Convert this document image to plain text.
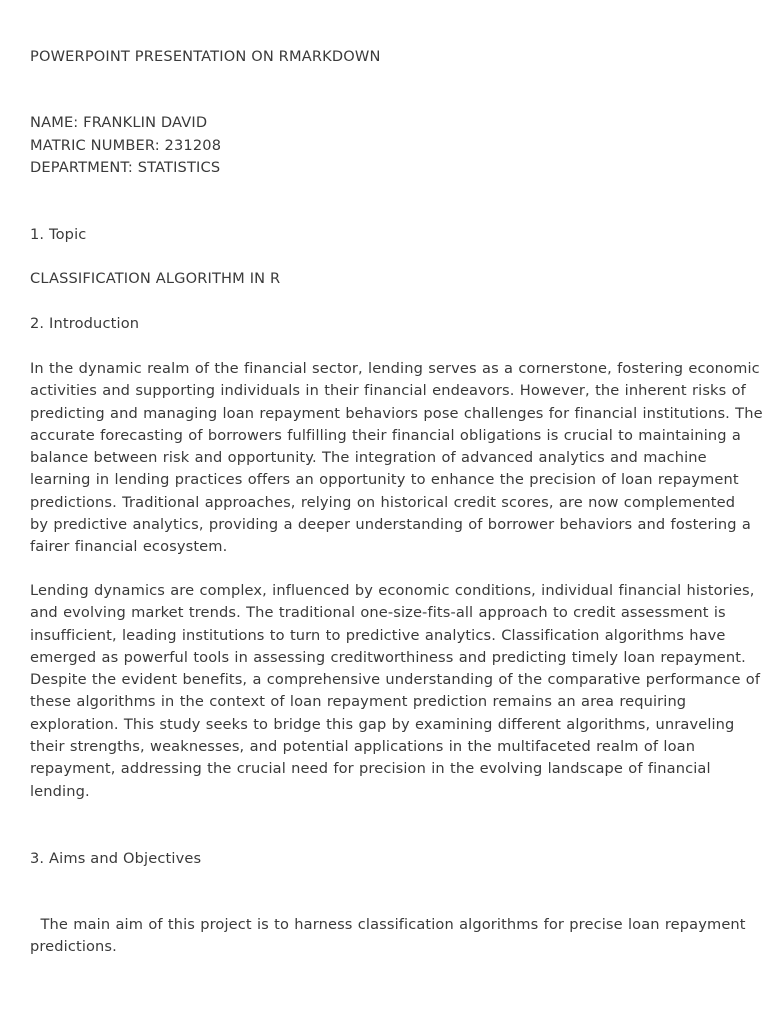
POWERPOINT PRESENTATION ON RMARKDOWN
NAME: FRANKLIN DAVID
MATRIC NUMBER: 231208
DEPARTMENT: STATISTICS
1. Topic
CLASSIFICATION ALGORITHM IN R
2. Introduction
In the dynamic realm of the financial sector, lending serves as a cornerstone, fostering economic
activities and supporting individuals in their financial endeavors. However, the inherent risks of
predicting and managing loan repayment behaviors pose challenges for financial institutions. The
accurate forecasting of borrowers fulfilling their financial obligations is crucial to maintaining a
balance between risk and opportunity. The integration of advanced analytics and machine
learning in lending practices offers an opportunity to enhance the precision of loan repayment
predictions. Traditional approaches, relying on historical credit scores, are now complemented
by predictive analytics, providing a deeper understanding of borrower behaviors and fostering a
fairer financial ecosystem.
Lending dynamics are complex, influenced by economic conditions, individual financial histories,
and evolving market trends. The traditional one-size-fits-all approach to credit assessment is
insufficient, leading institutions to turn to predictive analytics. Classification algorithms have
emerged as powerful tools in assessing creditworthiness and predicting timely loan repayment.
Despite the evident benefits, a comprehensive understanding of the comparative performance of
these algorithms in the context of loan repayment prediction remains an area requiring
exploration. This study seeks to bridge this gap by examining different algorithms, unraveling
their strengths, weaknesses, and potential applications in the multifaceted realm of loan
repayment, addressing the crucial need for precision in the evolving landscape of financial
lending.
3. Aims and Objectives
The main aim of this project is to harness classification algorithms for precise loan repayment
predictions.
